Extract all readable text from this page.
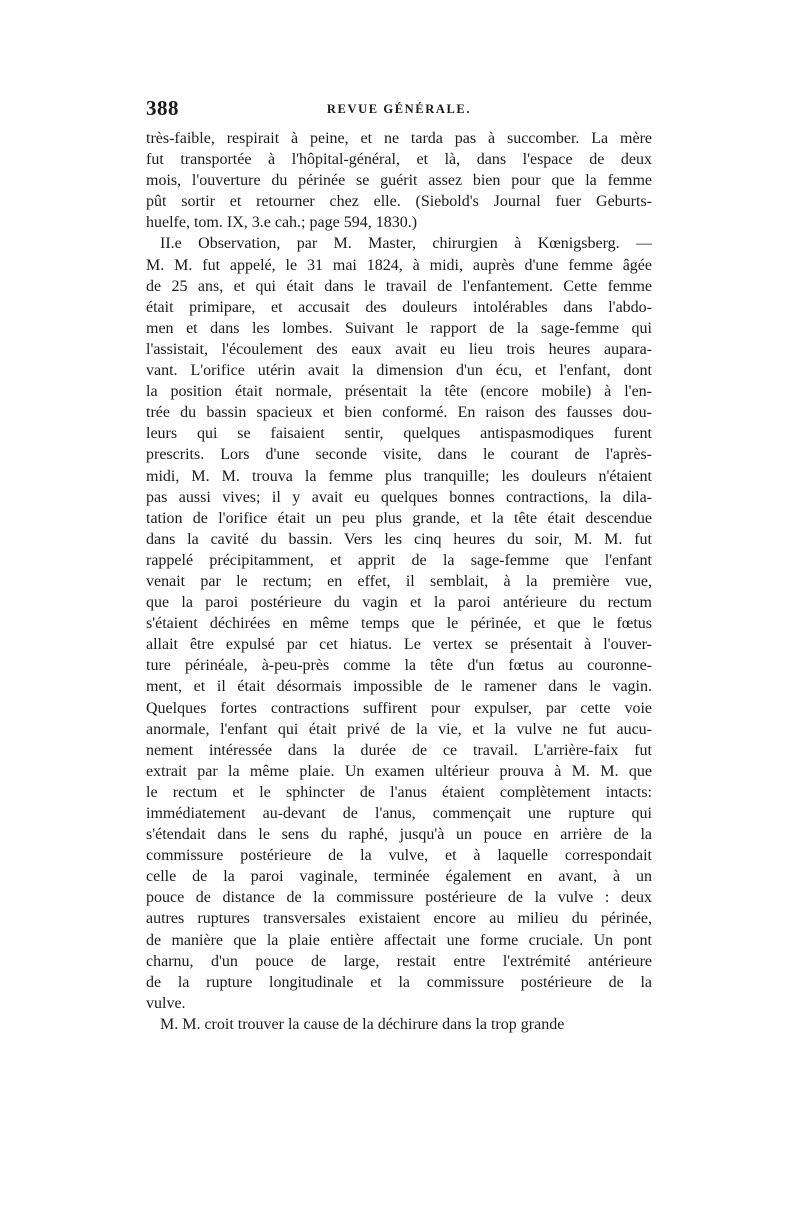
388	REVUE GÉNÉRALE.
très-faible, respirait à peine, et ne tarda pas à succomber. La mère
fut transportée à l'hôpital-général, et là, dans l'espace de deux
mois, l'ouverture du périnée se guérit assez bien pour que la femme
pût sortir et retourner chez elle. (Siebold's Journal fuer Geburts-
huelfe, tom. IX, 3.e cah.; page 594, 1830.)
II.e Observation, par M. Master, chirurgien à Kœnigsberg. —
M. M. fut appelé, le 31 mai 1824, à midi, auprès d'une femme âgée
de 25 ans, et qui était dans le travail de l'enfantement. Cette femme
était primipare, et accusait des douleurs intolérables dans l'abdo-
men et dans les lombes. Suivant le rapport de la sage-femme qui
l'assistait, l'écoulement des eaux avait eu lieu trois heures aupara-
vant. L'orifice utérin avait la dimension d'un écu, et l'enfant, dont
la position était normale, présentait la tête (encore mobile) à l'en-
trée du bassin spacieux et bien conformé. En raison des fausses dou-
leurs qui se faisaient sentir, quelques antispasmodiques furent
prescrits. Lors d'une seconde visite, dans le courant de l'après-
midi, M. M. trouva la femme plus tranquille; les douleurs n'étaient
pas aussi vives; il y avait eu quelques bonnes contractions, la dila-
tation de l'orifice était un peu plus grande, et la tête était descendue
dans la cavité du bassin. Vers les cinq heures du soir, M. M. fut
rappelé précipitamment, et apprit de la sage-femme que l'enfant
venait par le rectum; en effet, il semblait, à la première vue,
que la paroi postérieure du vagin et la paroi antérieure du rectum
s'étaient déchirées en même temps que le périnée, et que le fœtus
allait être expulsé par cet hiatus. Le vertex se présentait à l'ouver-
ture périnéale, à-peu-près comme la tête d'un fœtus au couronne-
ment, et il était désormais impossible de le ramener dans le vagin.
Quelques fortes contractions suffirent pour expulser, par cette voie
anormale, l'enfant qui était privé de la vie, et la vulve ne fut aucu-
nement intéressée dans la durée de ce travail. L'arrière-faix fut
extrait par la même plaie. Un examen ultérieur prouva à M. M. que
le rectum et le sphincter de l'anus étaient complètement intacts:
immédiatement au-devant de l'anus, commençait une rupture qui
s'étendait dans le sens du raphé, jusqu'à un pouce en arrière de la
commissure postérieure de la vulve, et à laquelle correspondait
celle de la paroi vaginale, terminée également en avant, à un
pouce de distance de la commissure postérieure de la vulve : deux
autres ruptures transversales existaient encore au milieu du périnée,
de manière que la plaie entière affectait une forme cruciale. Un pont
charnu, d'un pouce de large, restait entre l'extrémité antérieure
de la rupture longitudinale et la commissure postérieure de la
vulve.
M. M. croit trouver la cause de la déchirure dans la trop grande
